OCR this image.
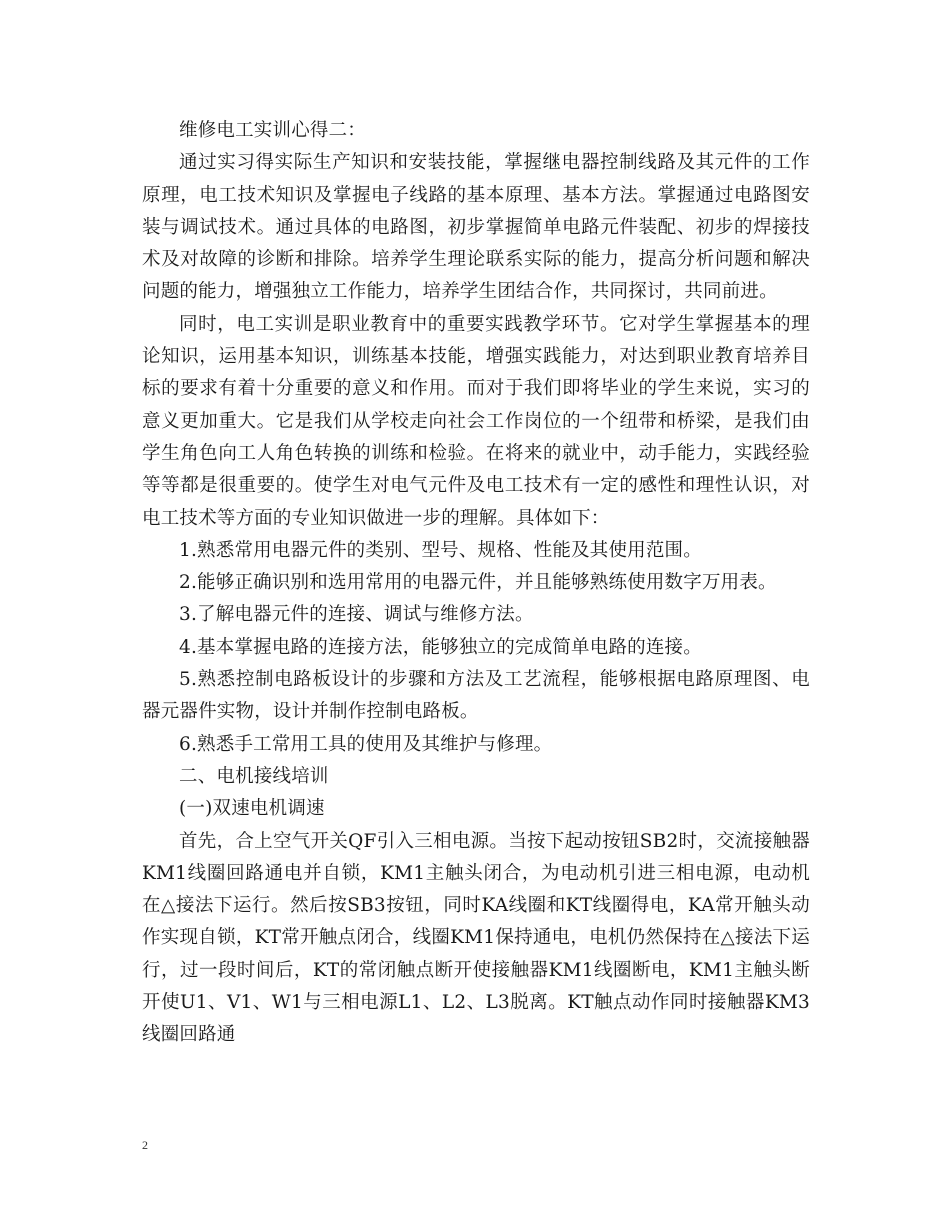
维修电工实训心得二：

通过实习得实际生产知识和安装技能，掌握继电器控制线路及其元件的工作原理，电工技术知识及掌握电子线路的基本原理、基本方法。掌握通过电路图安装与调试技术。通过具体的电路图，初步掌握简单电路元件装配、初步的焊接技术及对故障的诊断和排除。培养学生理论联系实际的能力，提高分析问题和解决问题的能力，增强独立工作能力，培养学生团结合作，共同探讨，共同前进。

同时，电工实训是职业教育中的重要实践教学环节。它对学生掌握基本的理论知识，运用基本知识，训练基本技能，增强实践能力，对达到职业教育培养目标的要求有着十分重要的意义和作用。而对于我们即将毕业的学生来说，实习的意义更加重大。它是我们从学校走向社会工作岗位的一个纽带和桥梁，是我们由学生角色向工人角色转换的训练和检验。在将来的就业中，动手能力，实践经验等等都是很重要的。使学生对电气元件及电工技术有一定的感性和理性认识，对电工技术等方面的专业知识做进一步的理解。具体如下：

1.熟悉常用电器元件的类别、型号、规格、性能及其使用范围。

2.能够正确识别和选用常用的电器元件，并且能够熟练使用数字万用表。

3.了解电器元件的连接、调试与维修方法。

4.基本掌握电路的连接方法，能够独立的完成简单电路的连接。

5.熟悉控制电路板设计的步骤和方法及工艺流程，能够根据电路原理图、电器元器件实物，设计并制作控制电路板。

6.熟悉手工常用工具的使用及其维护与修理。

二、电机接线培训

(一)双速电机调速

首先，合上空气开关QF引入三相电源。当按下起动按钮SB2时，交流接触器KM1线圈回路通电并自锁，KM1主触头闭合，为电动机引进三相电源，电动机在△接法下运行。然后按SB3按钮，同时KA线圈和KT线圈得电，KA常开触头动作实现自锁，KT常开触点闭合，线圈KM1保持通电，电机仍然保持在△接法下运行，过一段时间后，KT的常闭触点断开使接触器KM1线圈断电，KM1主触头断开使U1、V1、W1与三相电源L1、L2、L3脱离。KT触点动作同时接触器KM3线圈回路通

2
